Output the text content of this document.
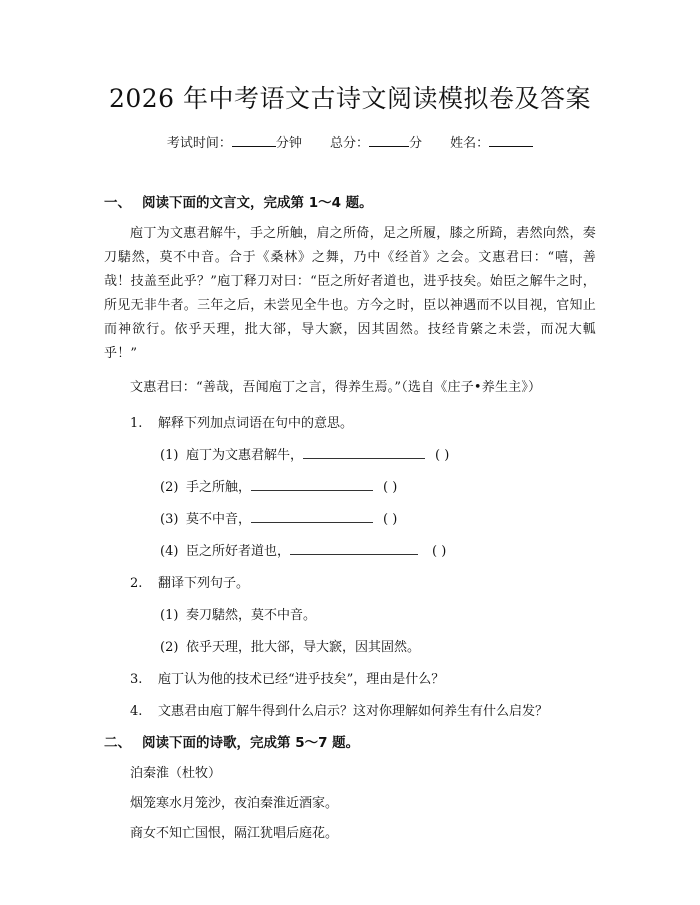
2026 年中考语文古诗文阅读模拟卷及答案
考试时间：	分钟 总分：	分 姓名：
一、 阅读下面的文言文，完成第 1～4 题。

庖丁为文惠君解牛，手之所触，肩之所倚，足之所履，膝之所踦，砉然向然，奏刀騞然，莫不中音。合于《桑林》之舞，乃中《经首》之会。文惠君曰：“嘻，善哉！技盖至此乎？”庖丁释刀对曰：“臣之所好者道也，进乎技矣。始臣之解牛之时，所见无非牛者。三年之后，未尝见全牛也。方今之时，臣以神遇而不以目视，官知止而神欲行。依乎天理，批大郤，导大窾，因其固然。技经肯綮之未尝，而况大軱乎！”

文惠君曰：“善哉，吾闻庖丁之言，得养生焉。”（选自《庄子•养生主》）

1. 解释下列加点词语在句中的意思。

(1) 庖丁为文惠君解牛，	( )

(2) 手之所触，	( )

(3) 莫不中音，	( )

(4) 臣之所好者道也，	( )

2. 翻译下列句子。

(1) 奏刀騞然，莫不中音。

(2) 依乎天理，批大郤，导大窾，因其固然。

3. 庖丁认为他的技术已经“进乎技矣”，理由是什么？

4. 文惠君由庖丁解牛得到什么启示？这对你理解如何养生有什么启发？

二、 阅读下面的诗歌，完成第 5～7 题。

泊秦淮（杜牧）

烟笼寒水月笼沙，夜泊秦淮近酒家。

商女不知亡国恨，隔江犹唱后庭花。
